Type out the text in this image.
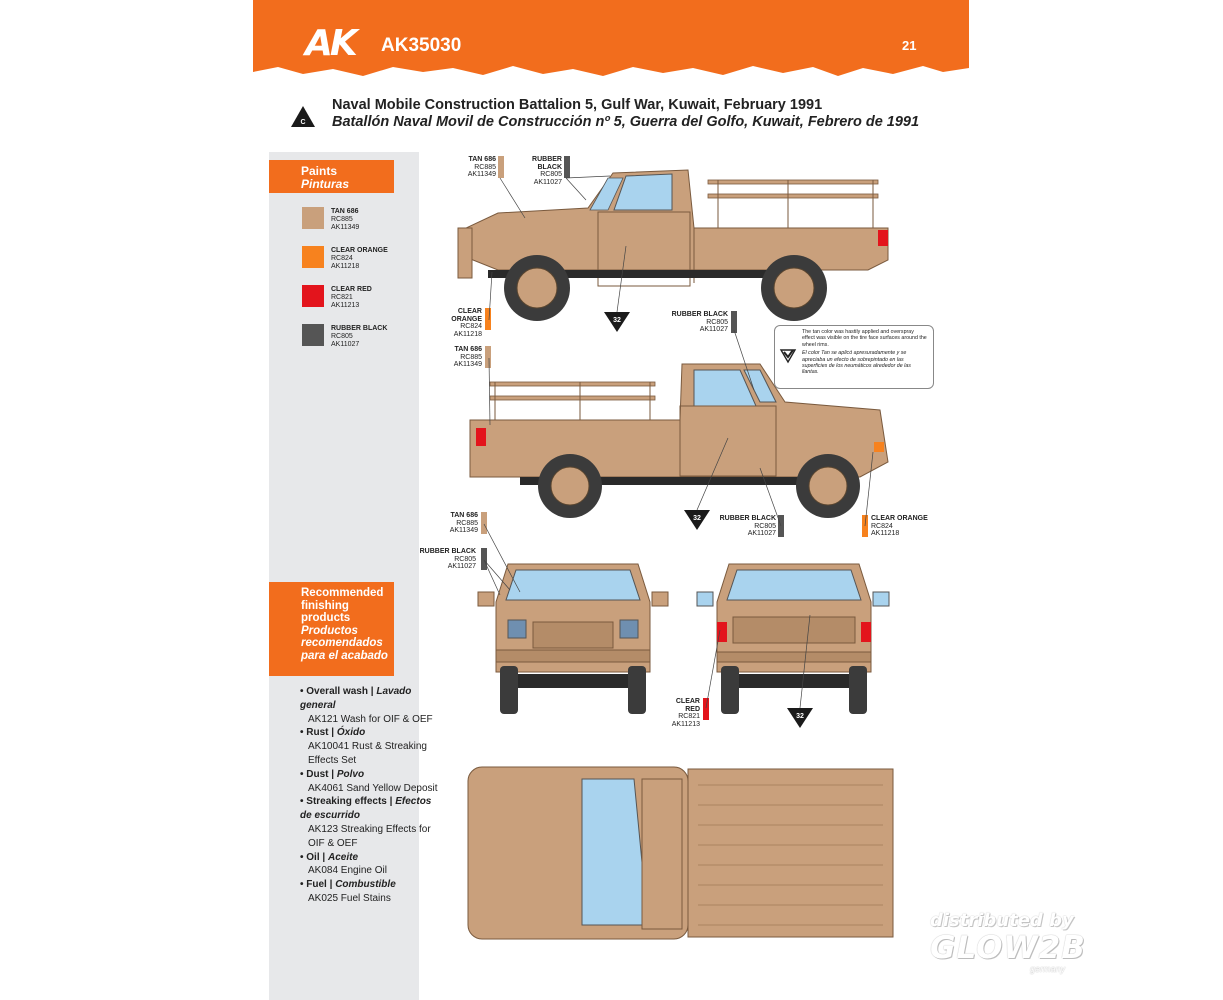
AK AK35030	21
C
Naval Mobile Construction Battalion 5, Gulf War, Kuwait, February 1991
Batallón Naval Movil de Construcción nº 5, Guerra del Golfo, Kuwait, Febrero de 1991
Paints
Pinturas
TAN 686
RC885
AK11349
CLEAR ORANGE
RC824
AK11218
CLEAR RED
RC821
AK11213
RUBBER BLACK
RC805
AK11027
Recommended finishing products
Productos recomendados para el acabado
• Overall wash | Lavado general
AK121 Wash for OIF & OEF
• Rust | Óxido
AK10041 Rust & Streaking Effects Set
• Dust | Polvo
AK4061 Sand Yellow Deposit
• Streaking effects | Efectos de escurrido
AK123 Streaking Effects for OIF & OEF
• Oil | Aceite
AK084 Engine Oil
• Fuel | Combustible
AK025 Fuel Stains
TAN 686
RC885
AK11349
RUBBER BLACK
RC805
AK11027
CLEAR ORANGE
RC824
AK11218
TAN 686
RC885
AK11349
RUBBER BLACK
RC805
AK11027
TAN 686
RC885
AK11349
RUBBER BLACK
RC805
AK11027
RUBBER BLACK
RC805
AK11027
CLEAR ORANGE
RC824
AK11218
CLEAR RED
RC821
AK11213
32
32
32
The tan color was hastily applied and overspray effect was visible on the tire face surfaces around the wheel rims.
El color Tan se aplicó apresuradamente y se apreciaba un efecto de sobrepintado en las superficies de los neumáticos alrededor de las llantas.
distributed by
GLOW2B
germany
